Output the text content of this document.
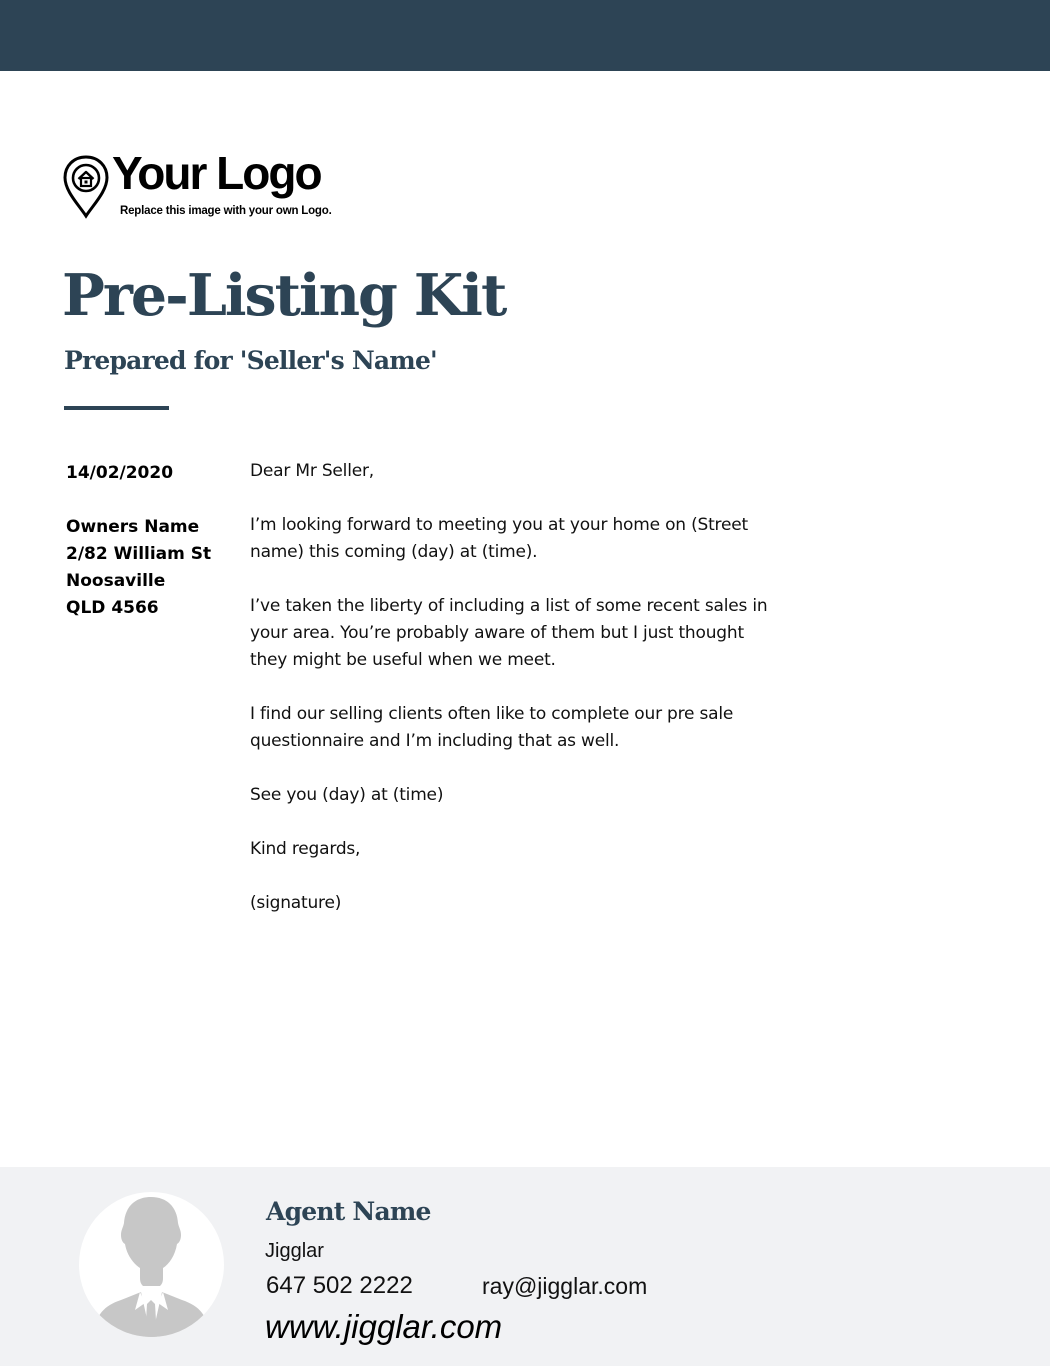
Your Logo
Replace this image with your own Logo.
Pre-Listing Kit
Prepared for 'Seller's Name'

14/02/2020

Owners Name
2/82 William St
Noosaville
QLD 4566

Dear Mr Seller,

I’m looking forward to meeting you at your home on (Street name) this coming (day) at (time).

I’ve taken the liberty of including a list of some recent sales in your area. You’re probably aware of them but I just thought they might be useful when we meet.

I find our selling clients often like to complete our pre sale questionnaire and I’m including that as well.

See you (day) at (time)

Kind regards,

(signature)

Agent Name
Jigglar
647 502 2222	ray@jigglar.com
www.jigglar.com
